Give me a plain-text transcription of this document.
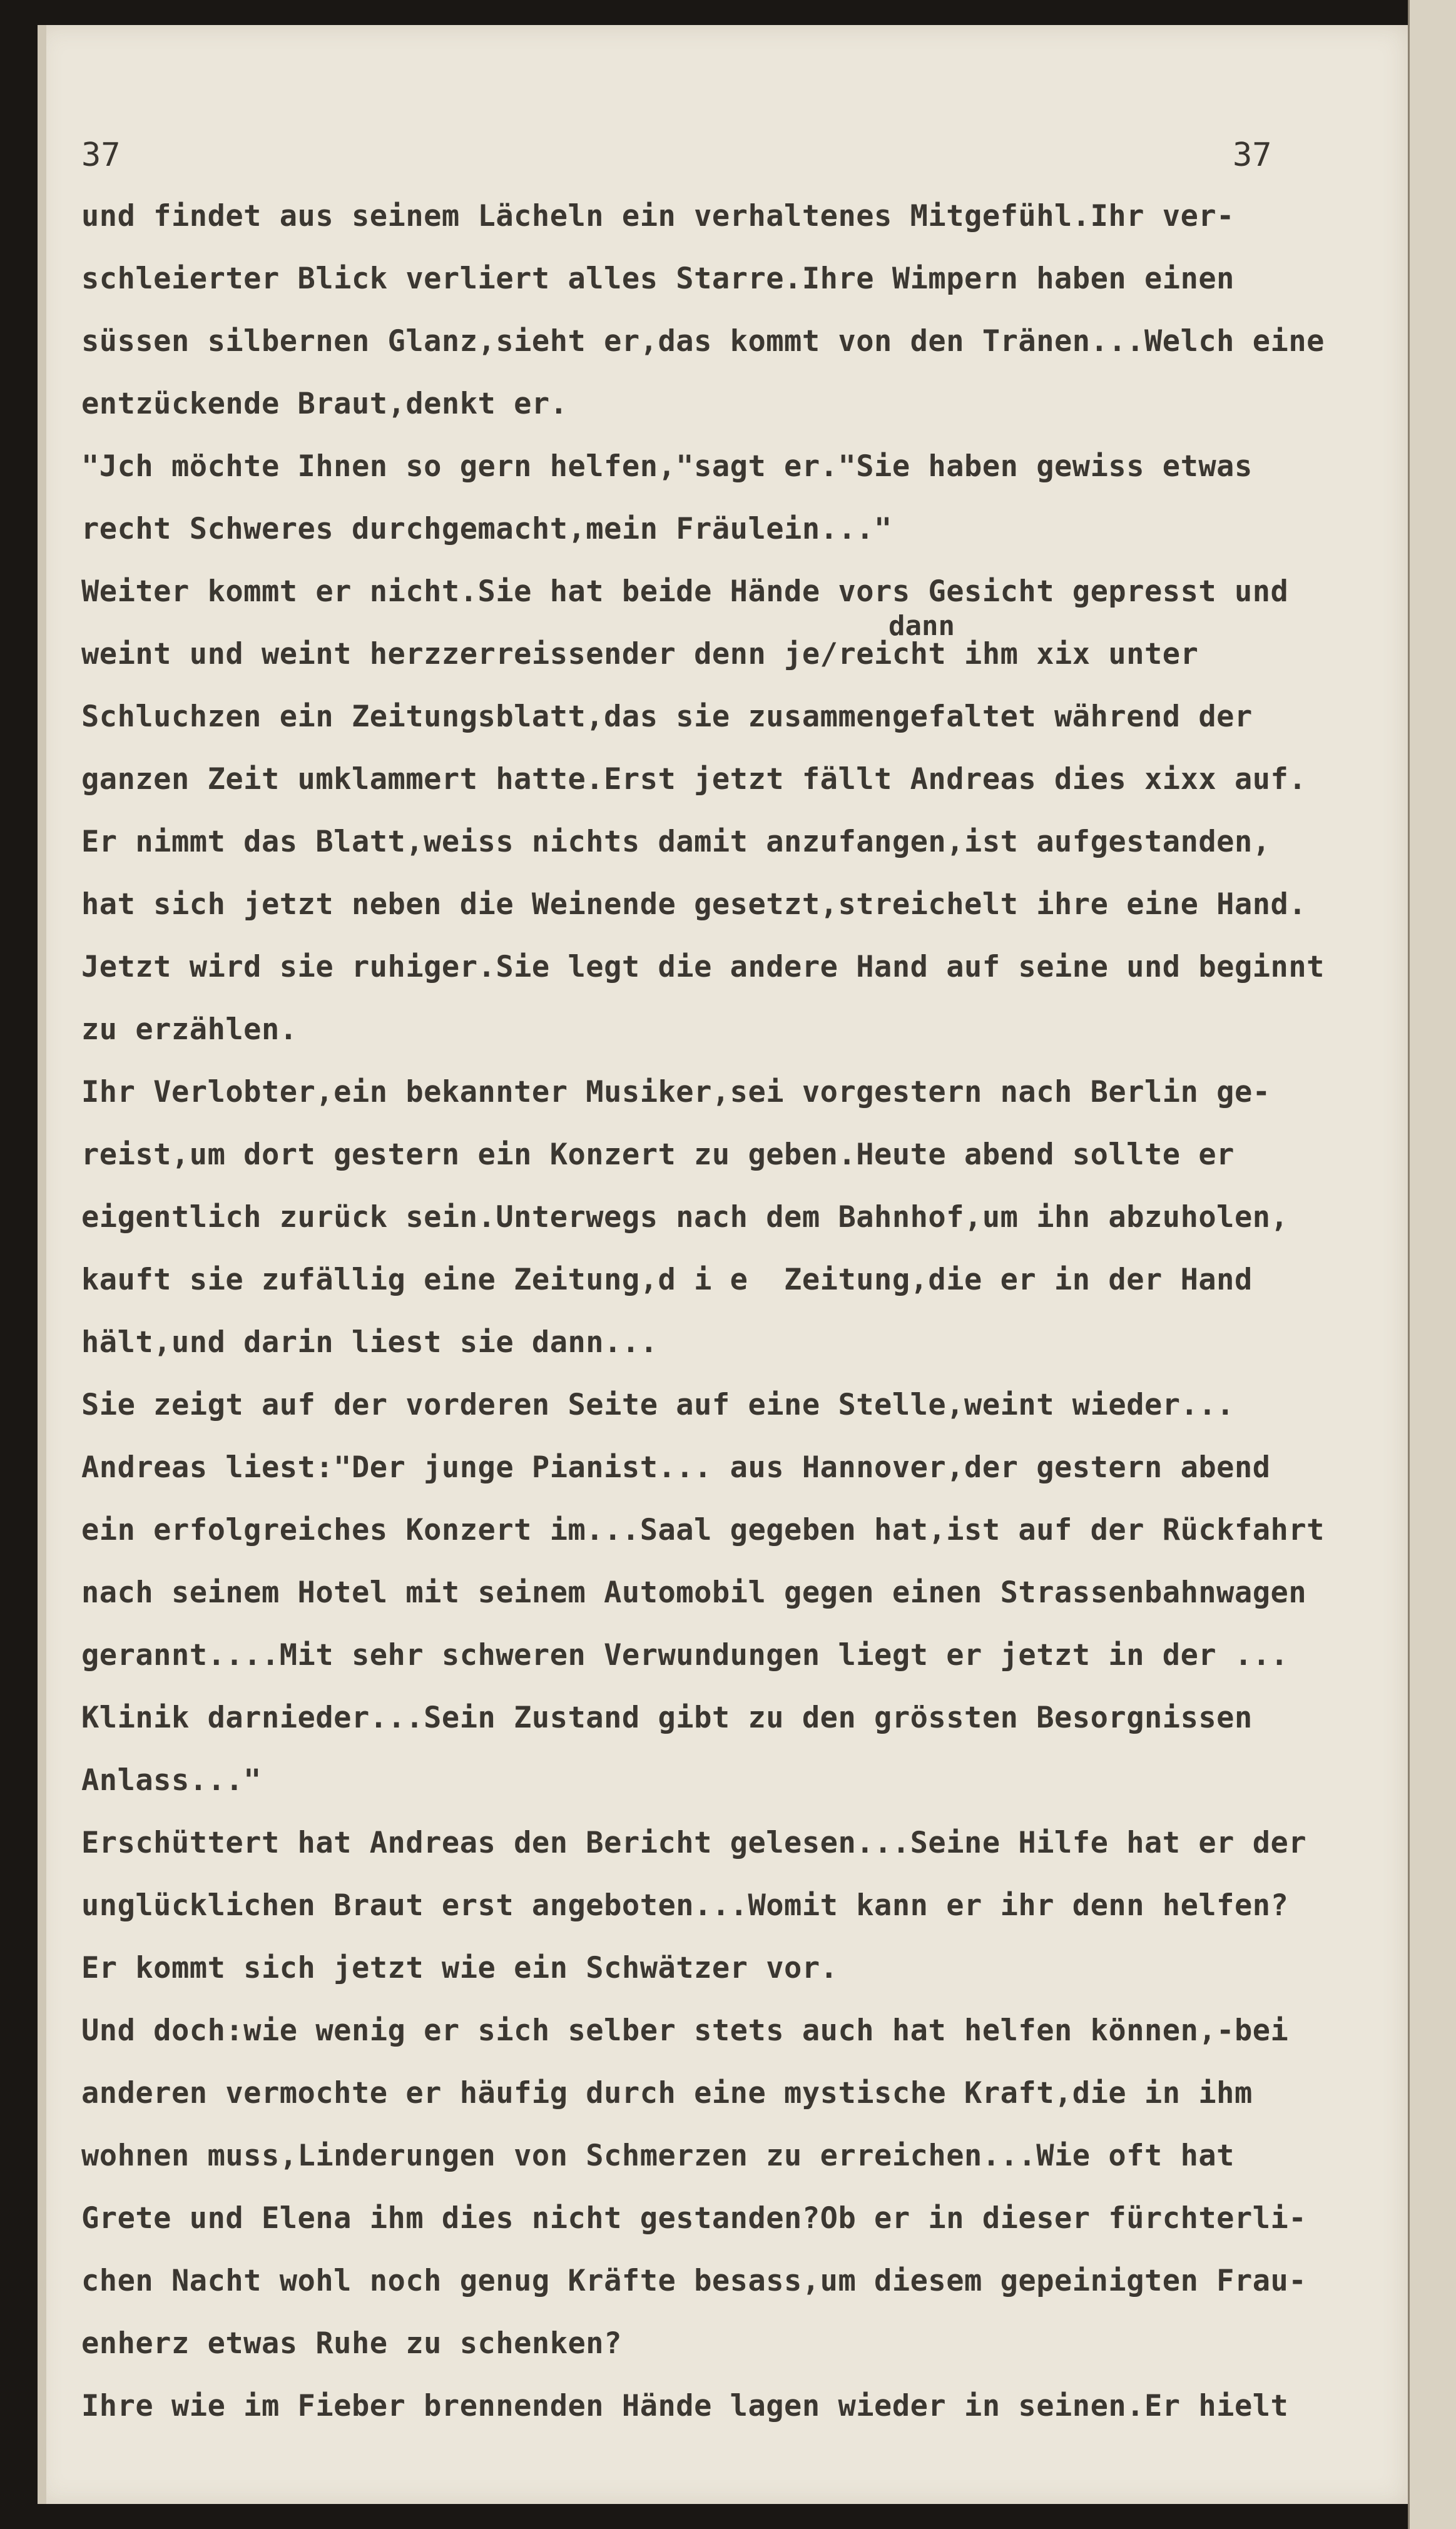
37	37
dann
und findet aus seinem Lächeln ein verhaltenes Mitgefühl.Ihr ver-
schleierter Blick verliert alles Starre.Ihre Wimpern haben einen
süssen silbernen Glanz,sieht er,das kommt von den Tränen...Welch eine
entzückende Braut,denkt er.
"Jch möchte Ihnen so gern helfen,"sagt er."Sie haben gewiss etwas
recht Schweres durchgemacht,mein Fräulein..."
Weiter kommt er nicht.Sie hat beide Hände vors Gesicht gepresst und
weint und weint herzzerreissender denn je/reicht ihm xix unter
Schluchzen ein Zeitungsblatt,das sie zusammengefaltet während der
ganzen Zeit umklammert hatte.Erst jetzt fällt Andreas dies xixx auf.
Er nimmt das Blatt,weiss nichts damit anzufangen,ist aufgestanden,
hat sich jetzt neben die Weinende gesetzt,streichelt ihre eine Hand.
Jetzt wird sie ruhiger.Sie legt die andere Hand auf seine und beginnt
zu erzählen.
Ihr Verlobter,ein bekannter Musiker,sei vorgestern nach Berlin ge-
reist,um dort gestern ein Konzert zu geben.Heute abend sollte er
eigentlich zurück sein.Unterwegs nach dem Bahnhof,um ihn abzuholen,
kauft sie zufällig eine Zeitung,d i e  Zeitung,die er in der Hand
hält,und darin liest sie dann...
Sie zeigt auf der vorderen Seite auf eine Stelle,weint wieder...
Andreas liest:"Der junge Pianist... aus Hannover,der gestern abend
ein erfolgreiches Konzert im...Saal gegeben hat,ist auf der Rückfahrt
nach seinem Hotel mit seinem Automobil gegen einen Strassenbahnwagen
gerannt....Mit sehr schweren Verwundungen liegt er jetzt in der ...
Klinik darnieder...Sein Zustand gibt zu den grössten Besorgnissen
Anlass..."
Erschüttert hat Andreas den Bericht gelesen...Seine Hilfe hat er der
unglücklichen Braut erst angeboten...Womit kann er ihr denn helfen?
Er kommt sich jetzt wie ein Schwätzer vor.
Und doch:wie wenig er sich selber stets auch hat helfen können,-bei
anderen vermochte er häufig durch eine mystische Kraft,die in ihm
wohnen muss,Linderungen von Schmerzen zu erreichen...Wie oft hat
Grete und Elena ihm dies nicht gestanden?Ob er in dieser fürchterli-
chen Nacht wohl noch genug Kräfte besass,um diesem gepeinigten Frau-
enherz etwas Ruhe zu schenken?
Ihre wie im Fieber brennenden Hände lagen wieder in seinen.Er hielt
